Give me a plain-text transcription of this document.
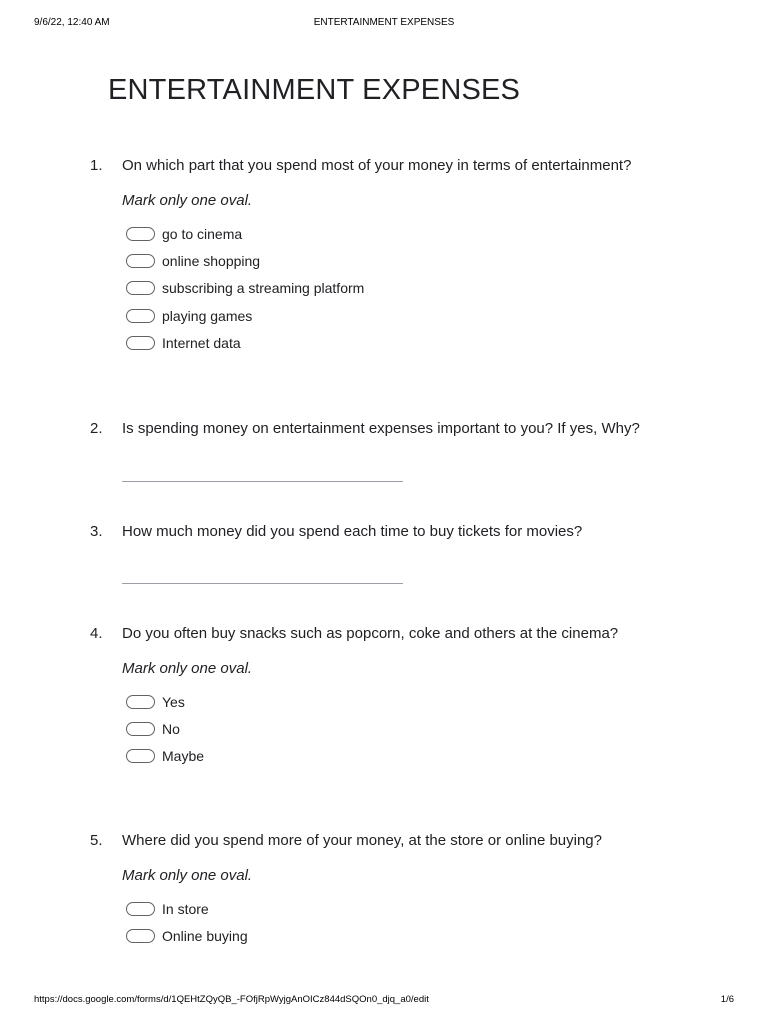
9/6/22, 12:40 AM	ENTERTAINMENT EXPENSES
ENTERTAINMENT EXPENSES
1. On which part that you spend most of your money in terms of entertainment?
Mark only one oval.
go to cinema
online shopping
subscribing a streaming platform
playing games
Internet data
2. Is spending money on entertainment expenses important to you? If yes, Why?
3. How much money did you spend each time to buy tickets for movies?
4. Do you often buy snacks such as popcorn, coke and others at the cinema?
Mark only one oval.
Yes
No
Maybe
5. Where did you spend more of your money, at the store or online buying?
Mark only one oval.
In store
Online buying
https://docs.google.com/forms/d/1QEHtZQyQB_-FOfjRpWyjgAnOICz844dSQOn0_djq_a0/edit	1/6
